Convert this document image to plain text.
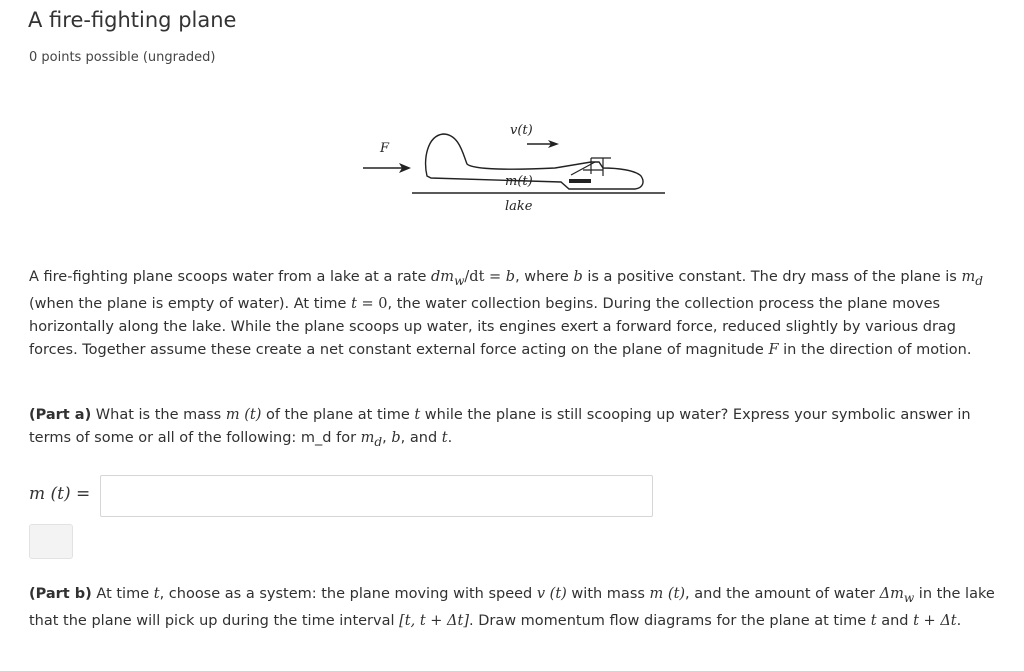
A fire-fighting plane
0 points possible (ungraded)
F
v(t)
m(t)
lake

A fire-fighting plane scoops water from a lake at a rate $dm_w/dt = b$, where b is a positive constant. The dry mass of the plane is $m_d$ (when the plane is empty of water). At time t = 0, the water collection begins. During the collection process the plane moves horizontally along the lake. While the plane scoops up water, its engines exert a forward force, reduced slightly by various drag forces. Together assume these create a net constant external force acting on the plane of magnitude F in the direction of motion.

(Part a) What is the mass m (t) of the plane at time t while the plane is still scooping up water? Express your symbolic answer in terms of some or all of the following: m_d for $m_d$, b, and t.

m (t) =

(Part b) At time t, choose as a system: the plane moving with speed v (t) with mass m (t), and the amount of water $\Delta m_w$ in the lake that the plane will pick up during the time interval [t, t + Δt]. Draw momentum flow diagrams for the plane at time t and t + Δt.
